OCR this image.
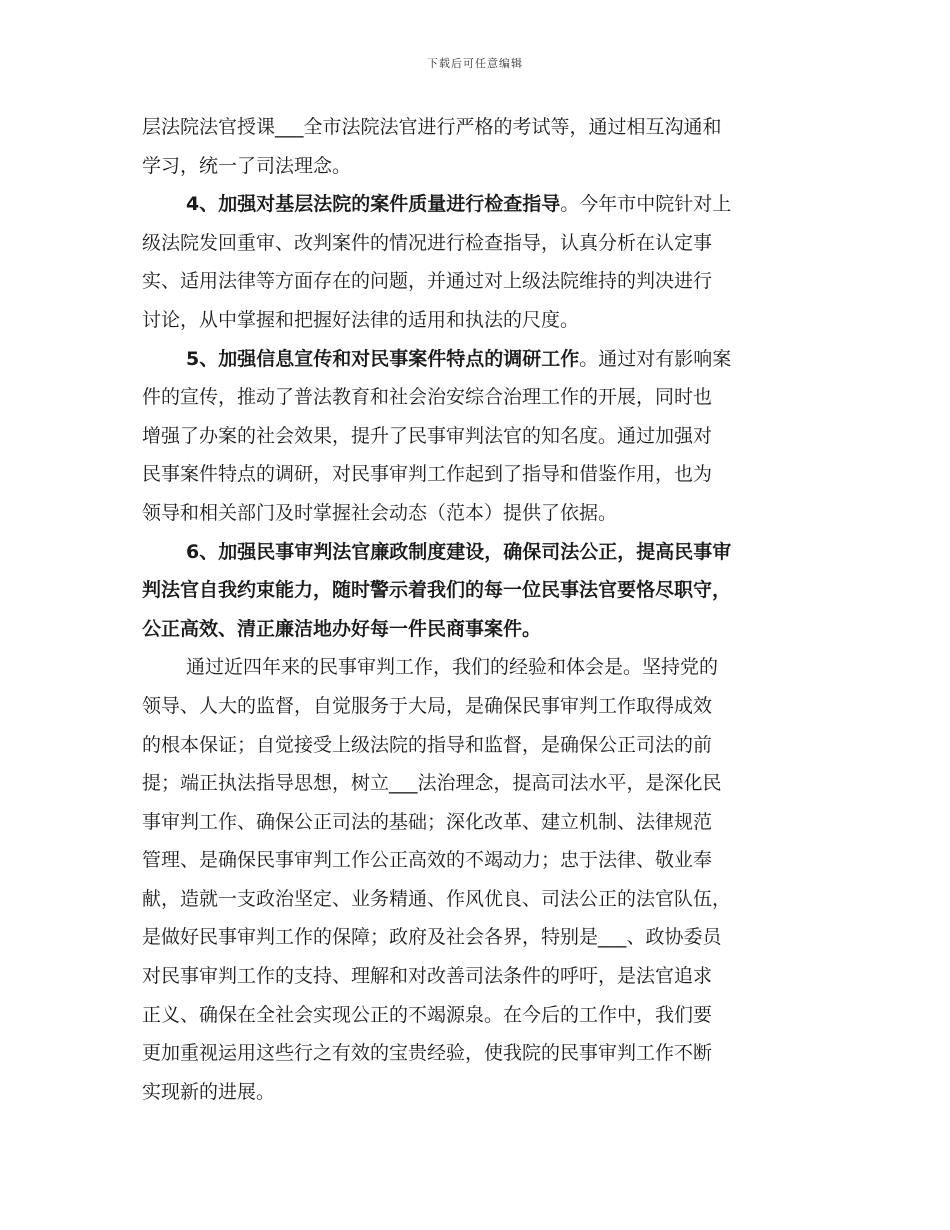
下载后可任意编辑
层法院法官授课___全市法院法官进行严格的考试等，通过相互沟通和
学习，统一了司法理念。
4、加强对基层法院的案件质量进行检查指导。今年市中院针对上
级法院发回重审、改判案件的情况进行检查指导，认真分析在认定事
实、适用法律等方面存在的问题，并通过对上级法院维持的判决进行
讨论，从中掌握和把握好法律的适用和执法的尺度。
5、加强信息宣传和对民事案件特点的调研工作。通过对有影响案
件的宣传，推动了普法教育和社会治安综合治理工作的开展，同时也
增强了办案的社会效果，提升了民事审判法官的知名度。通过加强对
民事案件特点的调研，对民事审判工作起到了指导和借鉴作用，也为
领导和相关部门及时掌握社会动态（范本）提供了依据。
6、加强民事审判法官廉政制度建设，确保司法公正，提高民事审
判法官自我约束能力，随时警示着我们的每一位民事法官要恪尽职守，
公正高效、清正廉洁地办好每一件民商事案件。
通过近四年来的民事审判工作，我们的经验和体会是。坚持党的
领导、人大的监督，自觉服务于大局，是确保民事审判工作取得成效
的根本保证；自觉接受上级法院的指导和监督，是确保公正司法的前
提；端正执法指导思想，树立___法治理念，提高司法水平，是深化民
事审判工作、确保公正司法的基础；深化改革、建立机制、法律规范
管理、是确保民事审判工作公正高效的不竭动力；忠于法律、敬业奉
献，造就一支政治坚定、业务精通、作风优良、司法公正的法官队伍，
是做好民事审判工作的保障；政府及社会各界，特别是___、政协委员
对民事审判工作的支持、理解和对改善司法条件的呼吁，是法官追求
正义、确保在全社会实现公正的不竭源泉。在今后的工作中，我们要
更加重视运用这些行之有效的宝贵经验，使我院的民事审判工作不断
实现新的进展。
